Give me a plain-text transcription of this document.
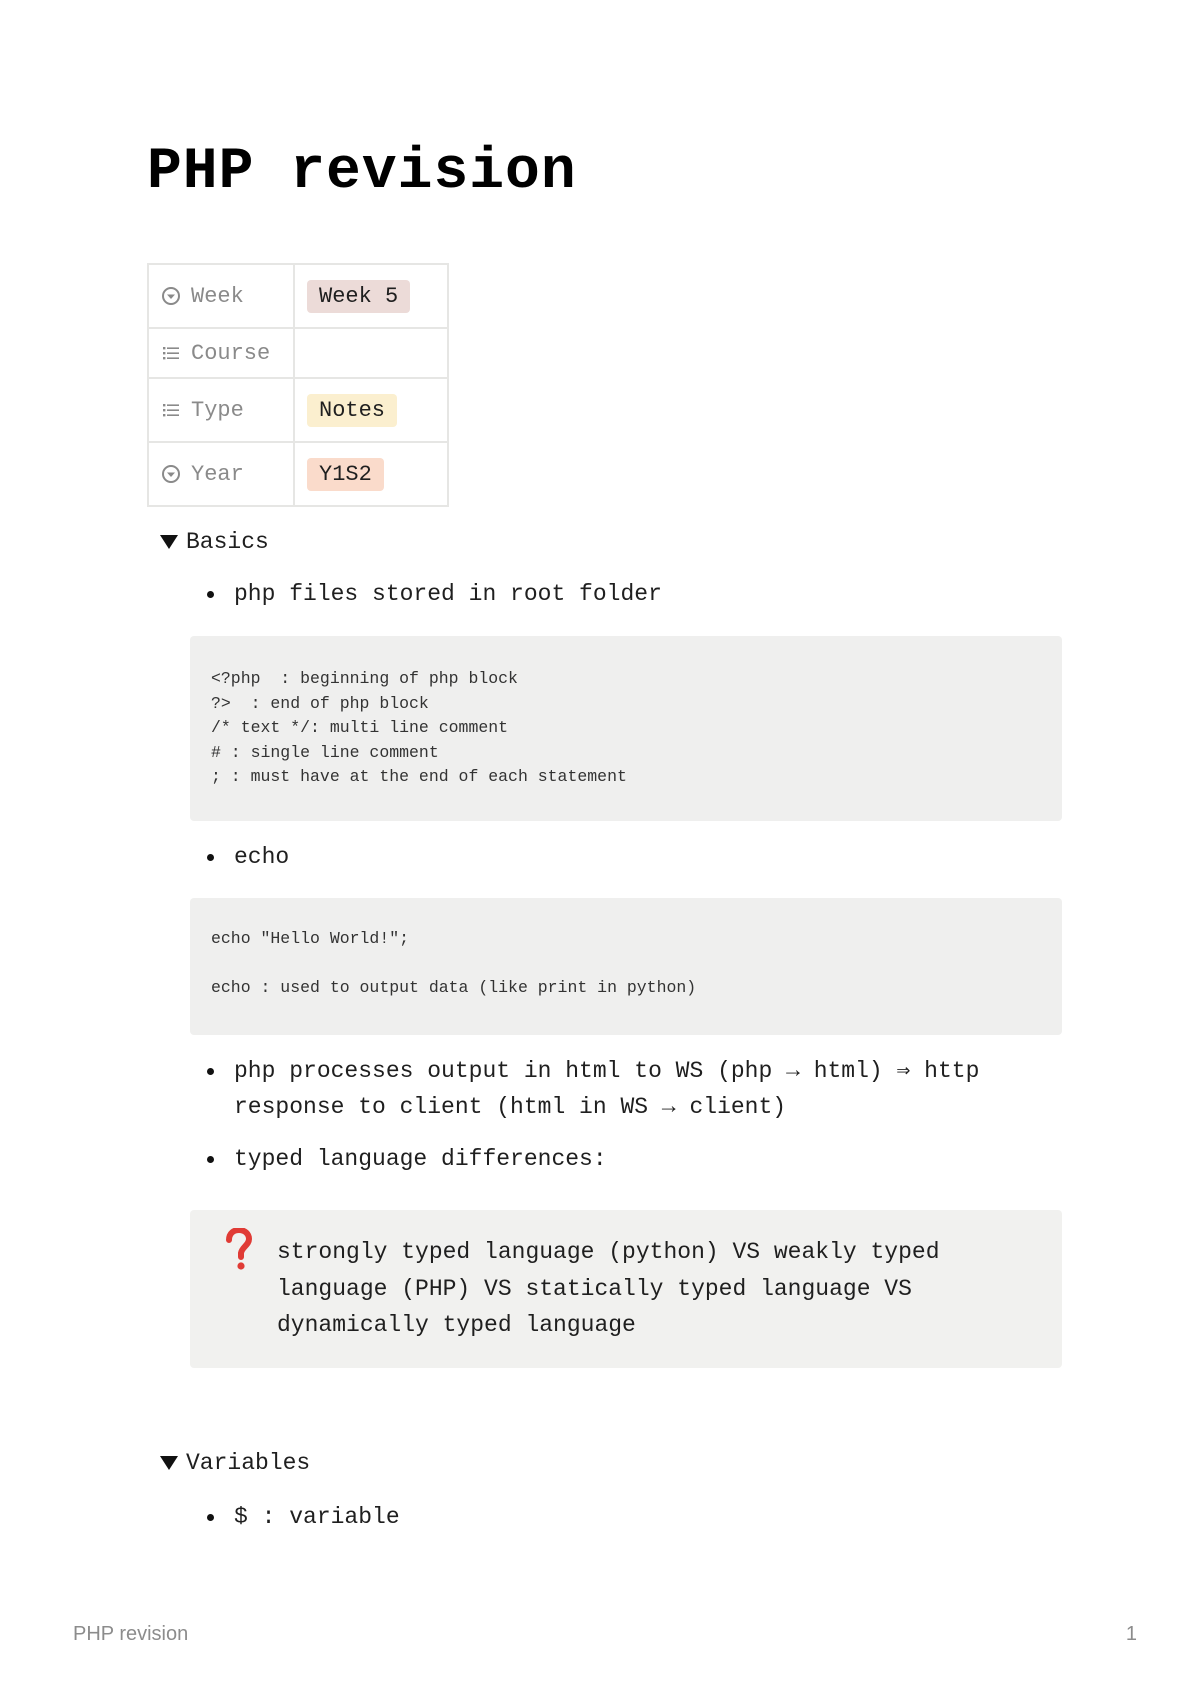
PHP revision
Week	Week 5

Course	

Type	Notes

Year	Y1S2
Basics
php files stored in root folder
<?php  : beginning of php block
?>  : end of php block
/* text */: multi line comment
# : single line comment
; : must have at the end of each statement
echo
echo "Hello World!";

echo : used to output data (like print in python)
php processes output in html to WS (php → html) ⇒ http
response to client (html in WS → client)
typed language differences:
strongly typed language (python) VS weakly typed language (PHP) VS statically typed language VS dynamically typed language
Variables
$ : variable
PHP revision	1
